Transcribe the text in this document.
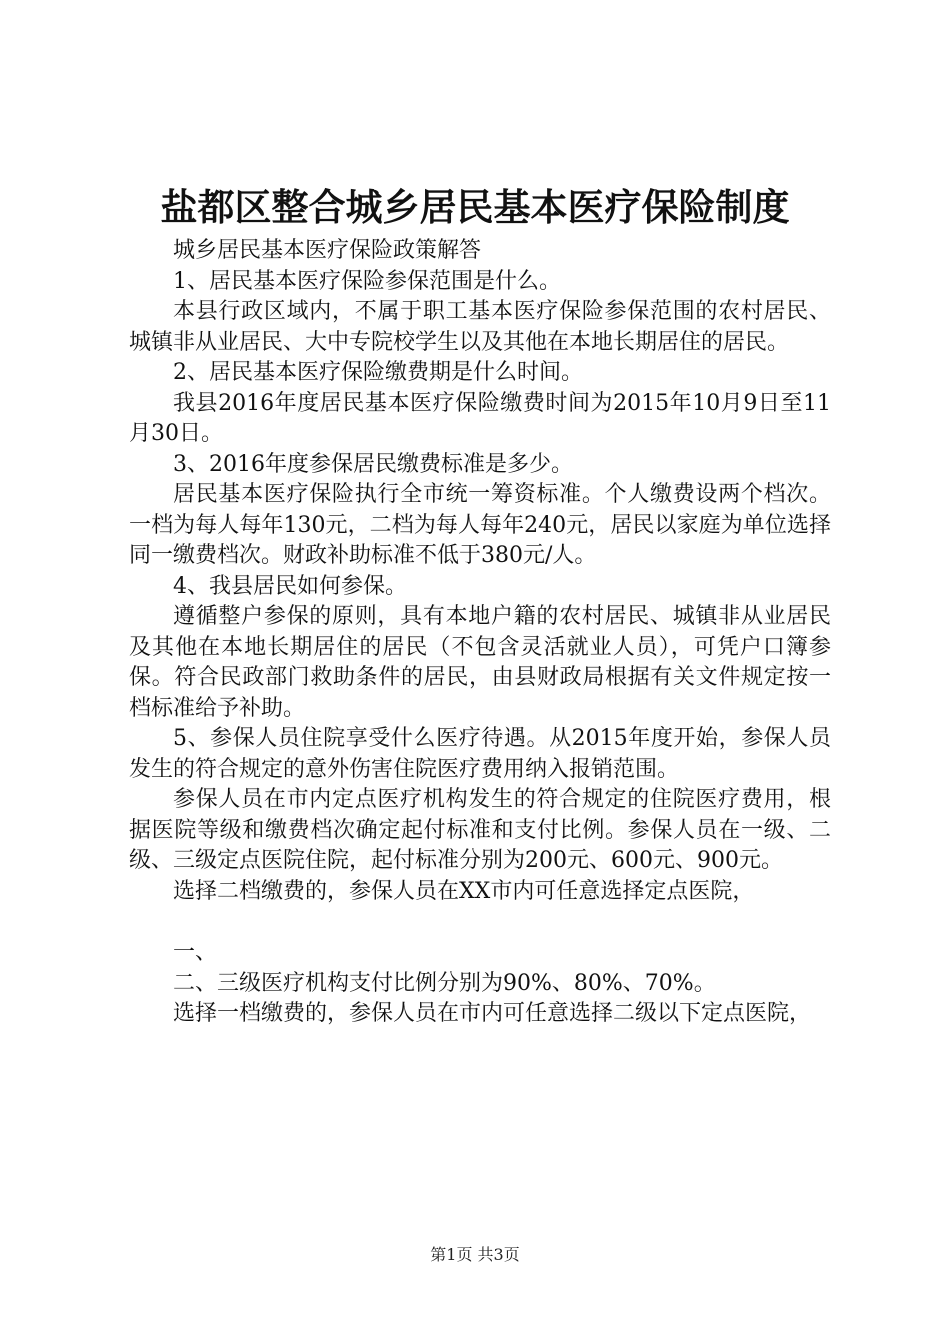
盐都区整合城乡居民基本医疗保险制度

城乡居民基本医疗保险政策解答

1、居民基本医疗保险参保范围是什么。

本县行政区域内，不属于职工基本医疗保险参保范围的农村居民、城镇非从业居民、大中专院校学生以及其他在本地长期居住的居民。

2、居民基本医疗保险缴费期是什么时间。

我县2016年度居民基本医疗保险缴费时间为2015年10月9日至11月30日。

3、2016年度参保居民缴费标准是多少。

居民基本医疗保险执行全市统一筹资标准。个人缴费设两个档次。一档为每人每年130元，二档为每人每年240元，居民以家庭为单位选择同一缴费档次。财政补助标准不低于380元/人。

4、我县居民如何参保。

遵循整户参保的原则，具有本地户籍的农村居民、城镇非从业居民及其他在本地长期居住的居民（不包含灵活就业人员），可凭户口簿参保。符合民政部门救助条件的居民，由县财政局根据有关文件规定按一档标准给予补助。

5、参保人员住院享受什么医疗待遇。从2015年度开始，参保人员发生的符合规定的意外伤害住院医疗费用纳入报销范围。

参保人员在市内定点医疗机构发生的符合规定的住院医疗费用，根据医院等级和缴费档次确定起付标准和支付比例。参保人员在一级、二级、三级定点医院住院，起付标准分别为200元、600元、900元。

选择二档缴费的，参保人员在XX市内可任意选择定点医院，

一、

二、三级医疗机构支付比例分别为90%、80%、70%。

选择一档缴费的，参保人员在市内可任意选择二级以下定点医院，

第1页 共3页
